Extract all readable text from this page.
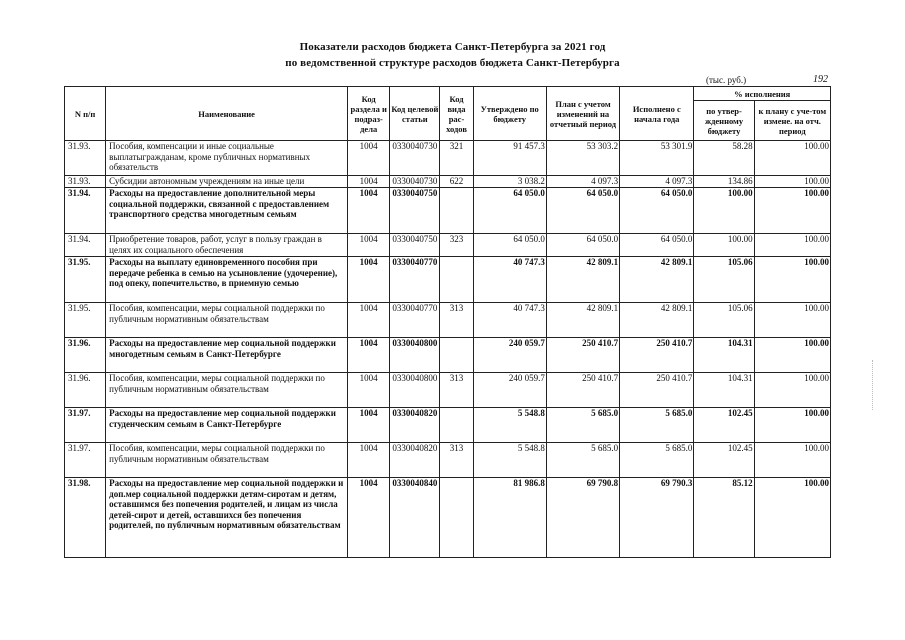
Показатели расходов бюджета Санкт-Петербурга за 2021 год
по ведомственной структуре расходов бюджета Санкт-Петербурга
(тыс. руб.)	192
N п/п	Наименование	Код раздела и подраз-дела	Код целевой статьи	Код вида рас-ходов	Утверждено по бюджету	План с учетом изменений на отчетный период	Исполнено с начала года	% исполнения	
								по утвер-жденному бюджету	к плану с уче-том измене. на отч. период
31.93.	Пособия, компенсации и иные социальные выплатыгражданам, кроме публичных нормативных обязательств	1004	0330040730	321	91 457.3	53 303.2	53 301.9	58.28	100.00
31.93.	Субсидии автономным учреждениям на иные цели	1004	0330040730	622	3 038.2	4 097.3	4 097.3	134.86	100.00
31.94.	Расходы на предоставление дополнительной меры социальной поддержки, связанной с предоставлением транспортного средства многодетным семьям	1004	0330040750		64 050.0	64 050.0	64 050.0	100.00	100.00
31.94.	Приобретение товаров, работ, услуг в пользу граждан в целях их социального обеспечения	1004	0330040750	323	64 050.0	64 050.0	64 050.0	100.00	100.00
31.95.	Расходы на выплату единовременного пособия при передаче ребенка в семью на усыновление (удочерение), под опеку, попечительство, в приемную семью	1004	0330040770		40 747.3	42 809.1	42 809.1	105.06	100.00
31.95.	Пособия, компенсации, меры социальной поддержки по публичным нормативным обязательствам	1004	0330040770	313	40 747.3	42 809.1	42 809.1	105.06	100.00
31.96.	Расходы на предоставление мер социальной поддержки многодетным семьям в Санкт-Петербурге	1004	0330040800		240 059.7	250 410.7	250 410.7	104.31	100.00
31.96.	Пособия, компенсации, меры социальной поддержки по публичным нормативным обязательствам	1004	0330040800	313	240 059.7	250 410.7	250 410.7	104.31	100.00
31.97.	Расходы на предоставление мер социальной поддержки студенческим семьям в Санкт-Петербурге	1004	0330040820		5 548.8	5 685.0	5 685.0	102.45	100.00
31.97.	Пособия, компенсации, меры социальной поддержки по публичным нормативным обязательствам	1004	0330040820	313	5 548.8	5 685.0	5 685.0	102.45	100.00
31.98.	Расходы на предоставление мер социальной поддержки и доп.мер социальной поддержки детям-сиротам и детям, оставшимся без попечения родителей, и лицам из числа детей-сирот и детей, оставшихся без попечения родителей, по публичным нормативным обязательствам	1004	0330040840		81 986.8	69 790.8	69 790.3	85.12	100.00
